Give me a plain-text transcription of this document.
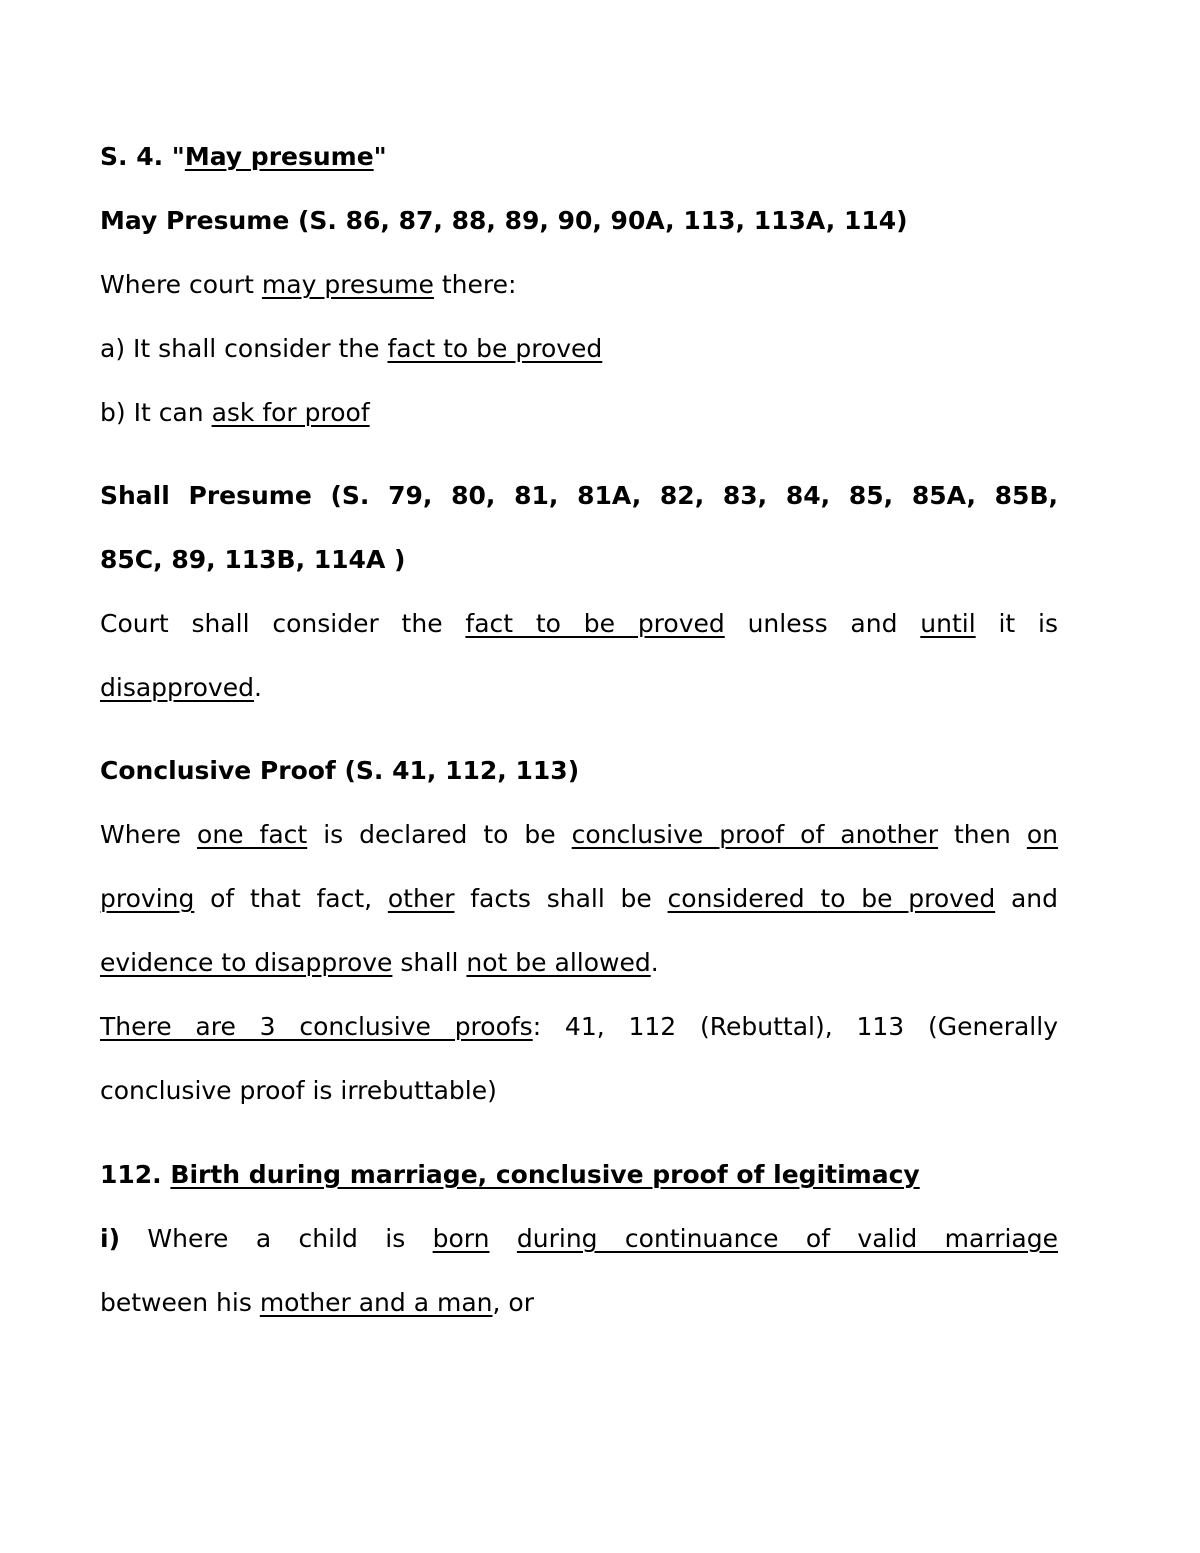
S. 4. "May presume"
May Presume (S. 86, 87, 88, 89, 90, 90A, 113, 113A, 114)
Where court may presume there:
a) It shall consider the fact to be proved
b) It can ask for proof
Shall Presume (S. 79, 80, 81, 81A, 82, 83, 84, 85, 85A, 85B,
85C, 89, 113B, 114A )
Court shall consider the fact to be proved unless and until it is
disapproved.
Conclusive Proof (S. 41, 112, 113)
Where one fact is declared to be conclusive proof of another then on
proving of that fact, other facts shall be considered to be proved and
evidence to disapprove shall not be allowed.
There are 3 conclusive proofs: 41, 112 (Rebuttal), 113 (Generally
conclusive proof is irrebuttable)
112. Birth during marriage, conclusive proof of legitimacy
i) Where a child is born during continuance of valid marriage
between his mother and a man, or
